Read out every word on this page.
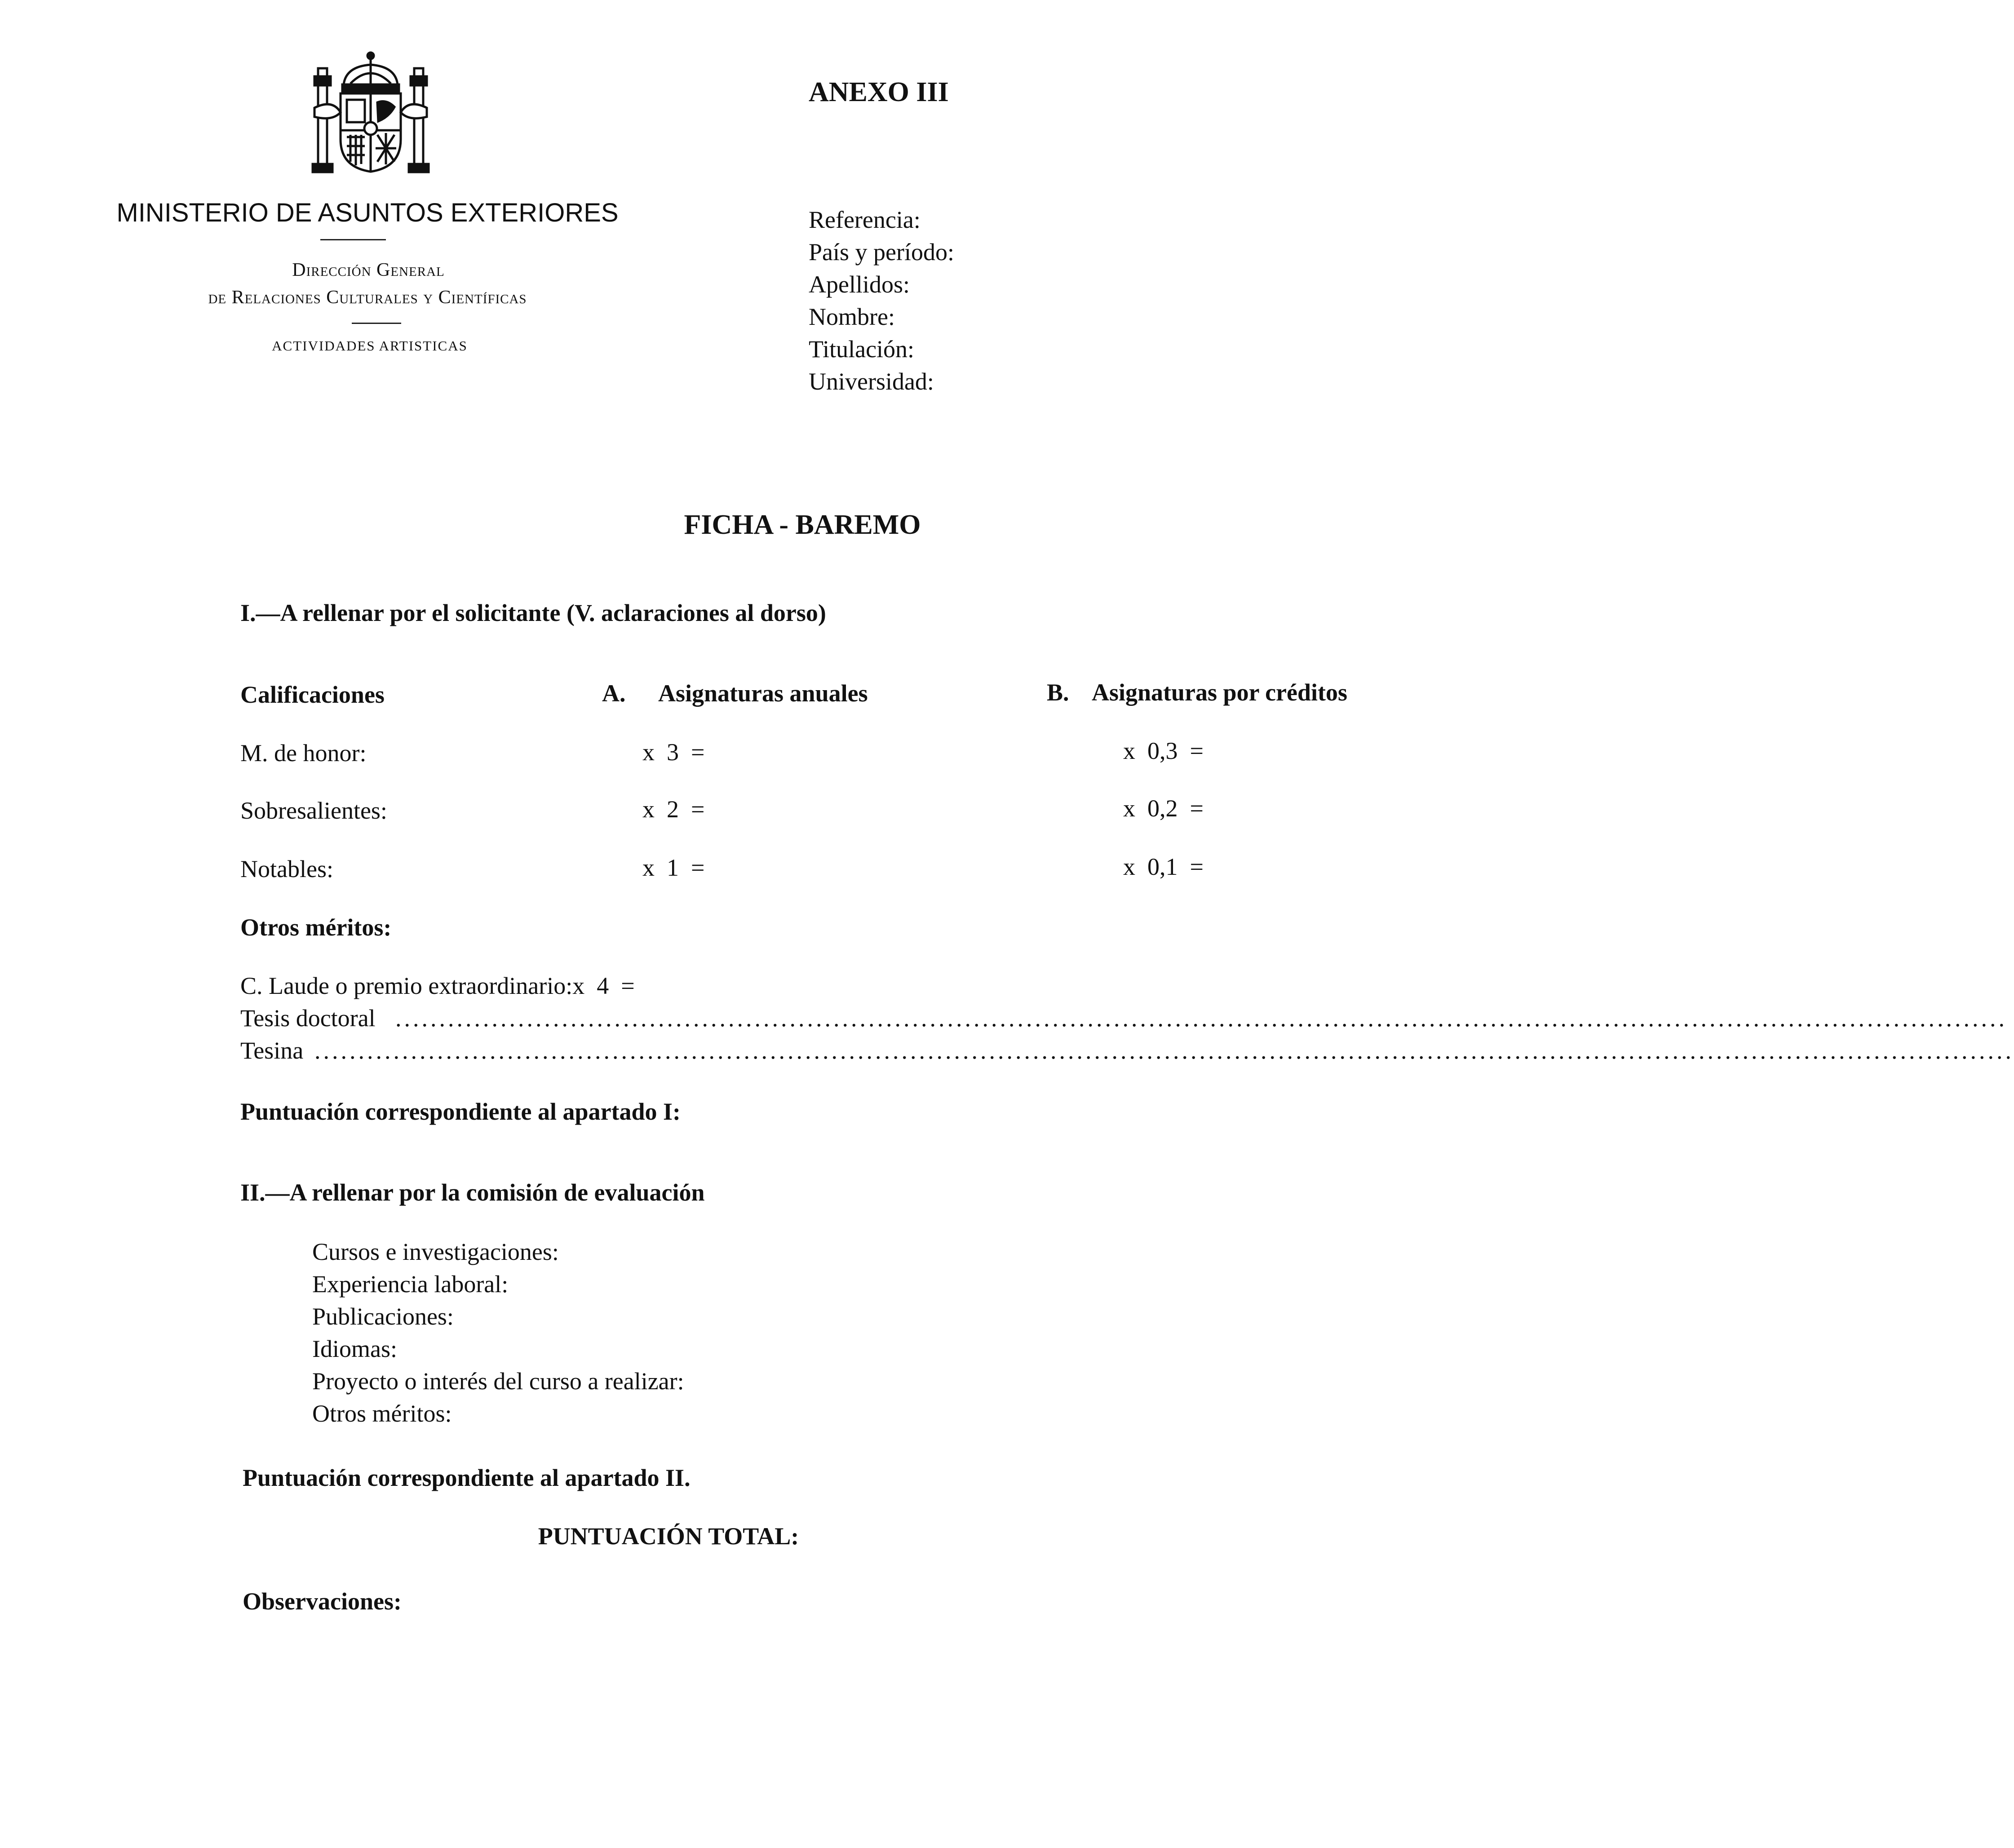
MINISTERIO DE ASUNTOS EXTERIORES
Dirección General
de Relaciones Culturales y Científicas
ACTIVIDADES ARTISTICAS
ANEXO III
Referencia:
País y período:
Apellidos:
Nombre:
Titulación:
Universidad:
FICHA - BAREMO
I.—A rellenar por el solicitante (V. aclaraciones al dorso)
Calificaciones	A. Asignaturas anuales	B. Asignaturas por créditos
M. de honor:	x  3  =	x  0,3  =
Sobresalientes:	x  2  =	x  0,2  =
Notables:	x  1  =	x  0,1  =
Otros méritos:
C. Laude o premio extraordinario:x  4  =
Tesis doctoral ........................................................................................................................................................................................
Tesina ..................................................................................................................................................................................................
Puntuación correspondiente al apartado I:
II.—A rellenar por la comisión de evaluación
Cursos e investigaciones:
Experiencia laboral:
Publicaciones:
Idiomas:
Proyecto o interés del curso a realizar:
Otros méritos:
Puntuación correspondiente al apartado II.
PUNTUACIÓN TOTAL:
Observaciones:
